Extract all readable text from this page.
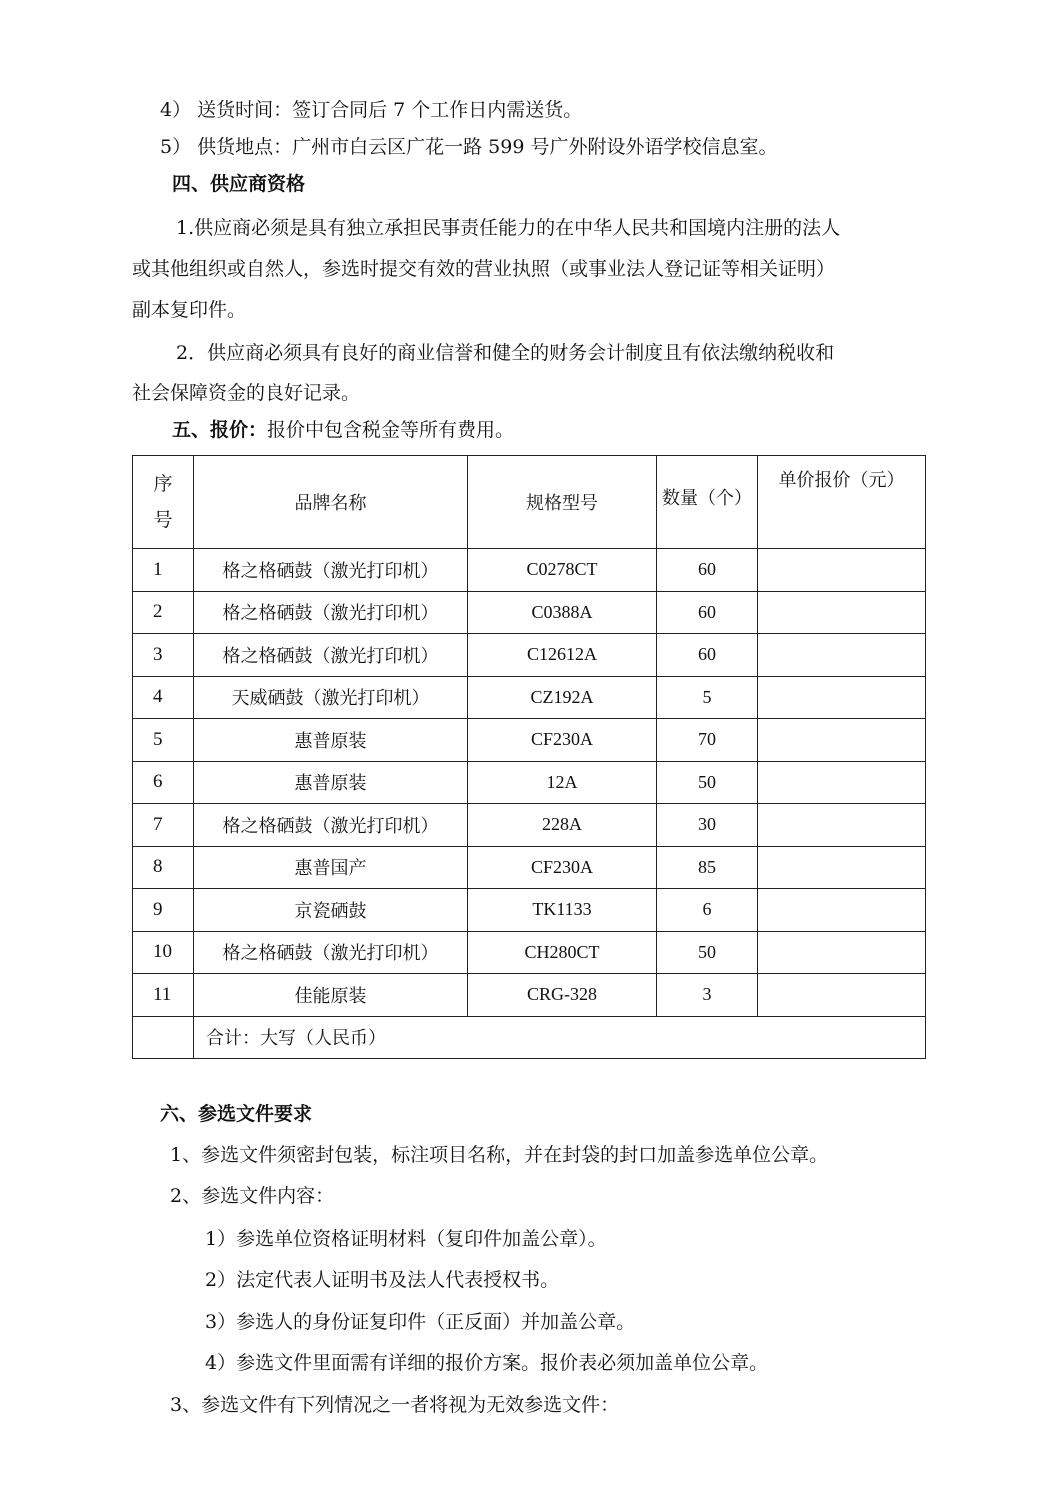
4） 送货时间：签订合同后 7 个工作日内需送货。
5） 供货地点：广州市白云区广花一路 599 号广外附设外语学校信息室。
四、供应商资格
1.供应商必须是具有独立承担民事责任能力的在中华人民共和国境内注册的法人
或其他组织或自然人，参选时提交有效的营业执照（或事业法人登记证等相关证明）
副本复印件。
2．供应商必须具有良好的商业信誉和健全的财务会计制度且有依法缴纳税收和
社会保障资金的良好记录。
五、报价：报价中包含税金等所有费用。
序
号	品牌名称	规格型号	数量（个）	单价报价（元）
1	格之格硒鼓（激光打印机）	C0278CT	60	
2	格之格硒鼓（激光打印机）	C0388A	60	
3	格之格硒鼓（激光打印机）	C12612A	60	
4	天威硒鼓（激光打印机）	CZ192A	5	
5	惠普原装	CF230A	70	
6	惠普原装	12A	50	
7	格之格硒鼓（激光打印机）	228A	30	
8	惠普国产	CF230A	85	
9	京瓷硒鼓	TK1133	6	
10	格之格硒鼓（激光打印机）	CH280CT	50	
11	佳能原装	CRG-328	3	
	合计：大写（人民币）			
六、参选文件要求
1、参选文件须密封包装，标注项目名称，并在封袋的封口加盖参选单位公章。
2、参选文件内容：
1）参选单位资格证明材料（复印件加盖公章）。
2）法定代表人证明书及法人代表授权书。
3）参选人的身份证复印件（正反面）并加盖公章。
4）参选文件里面需有详细的报价方案。报价表必须加盖单位公章。
3、参选文件有下列情况之一者将视为无效参选文件：
